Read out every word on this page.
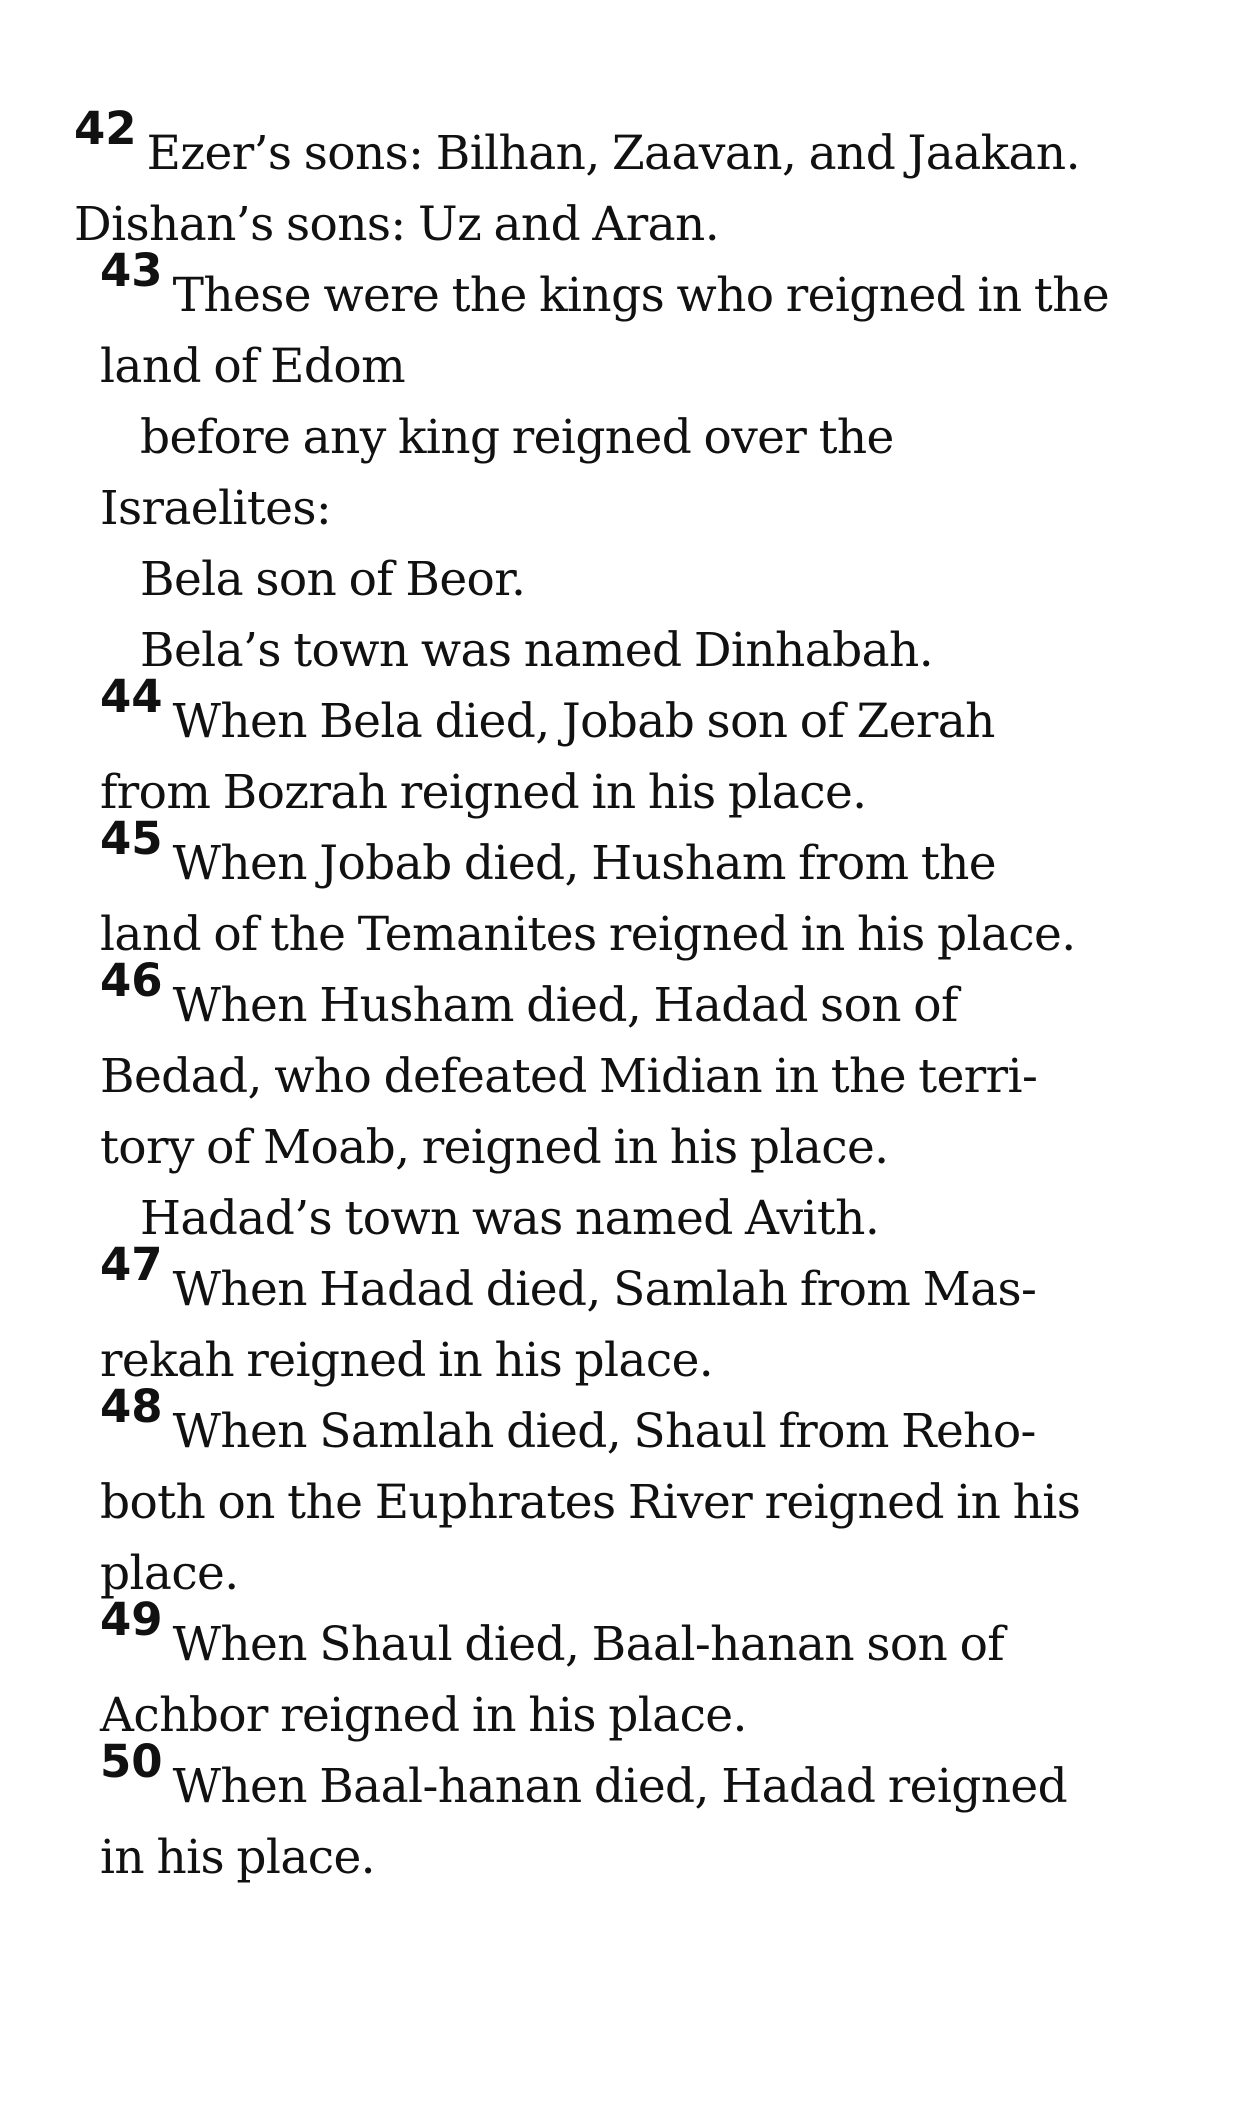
42 Ezer’s sons: Bilhan, Zaavan, and Jaakan.
Dishan’s sons: Uz and Aran.
43 These were the kings who reigned in the
land of Edom
before any king reigned over the
Israelites:
Bela son of Beor.
Bela’s town was named Dinhabah.
44 When Bela died, Jobab son of Zerah
from Bozrah reigned in his place.
45 When Jobab died, Husham from the
land of the Temanites reigned in his place.
46 When Husham died, Hadad son of
Bedad, who defeated Midian in the terri-
tory of Moab, reigned in his place.
Hadad’s town was named Avith.
47 When Hadad died, Samlah from Mas-
rekah reigned in his place.
48 When Samlah died, Shaul from Reho-
both on the Euphrates River reigned in his
place.
49 When Shaul died, Baal-hanan son of
Achbor reigned in his place.
50 When Baal-hanan died, Hadad reigned
in his place.
